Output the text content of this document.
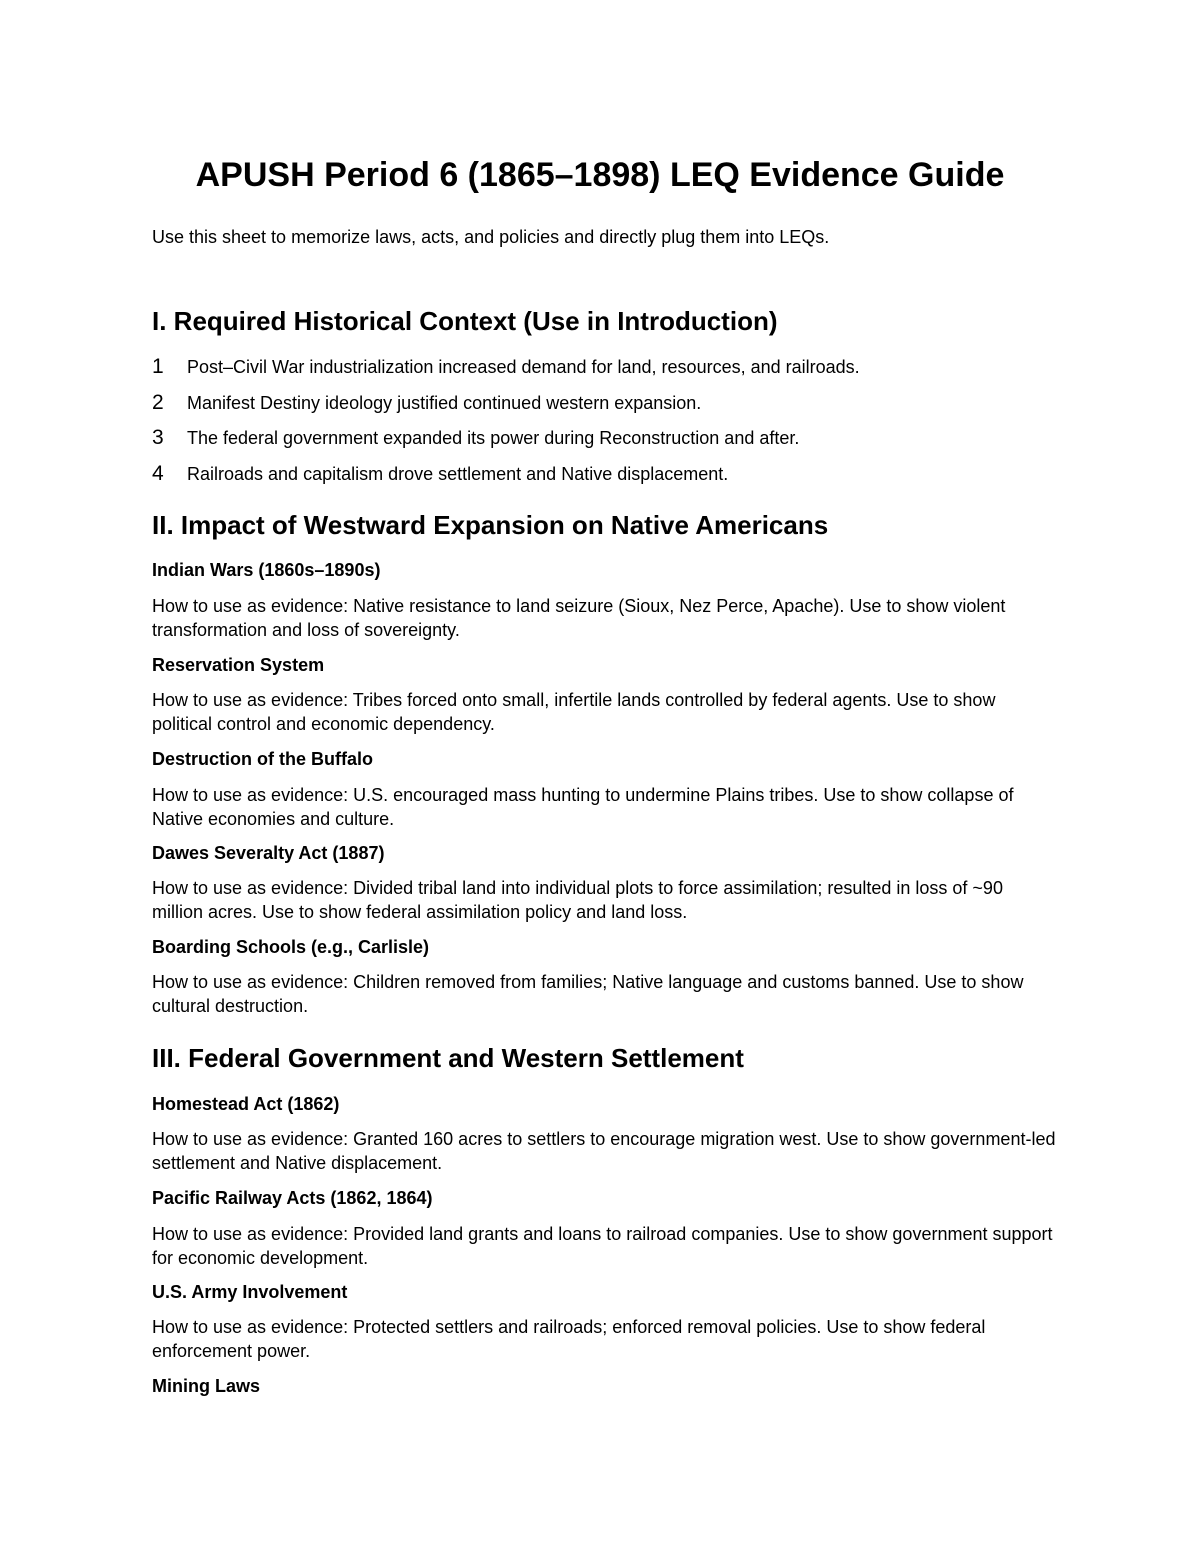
APUSH Period 6 (1865–1898) LEQ Evidence Guide

Use this sheet to memorize laws, acts, and policies and directly plug them into LEQs.

I. Required Historical Context (Use in Introduction)
1	Post–Civil War industrialization increased demand for land, resources, and railroads.
2	Manifest Destiny ideology justified continued western expansion.
3	The federal government expanded its power during Reconstruction and after.
4	Railroads and capitalism drove settlement and Native displacement.
II. Impact of Westward Expansion on Native Americans
Indian Wars (1860s–1890s)

How to use as evidence: Native resistance to land seizure (Sioux, Nez Perce, Apache). Use to show violent transformation and loss of sovereignty.

Reservation System

How to use as evidence: Tribes forced onto small, infertile lands controlled by federal agents. Use to show political control and economic dependency.

Destruction of the Buffalo

How to use as evidence: U.S. encouraged mass hunting to undermine Plains tribes. Use to show collapse of Native economies and culture.

Dawes Severalty Act (1887)

How to use as evidence: Divided tribal land into individual plots to force assimilation; resulted in loss of ~90 million acres. Use to show federal assimilation policy and land loss.

Boarding Schools (e.g., Carlisle)

How to use as evidence: Children removed from families; Native language and customs banned. Use to show cultural destruction.

III. Federal Government and Western Settlement
Homestead Act (1862)

How to use as evidence: Granted 160 acres to settlers to encourage migration west. Use to show government-led settlement and Native displacement.

Pacific Railway Acts (1862, 1864)

How to use as evidence: Provided land grants and loans to railroad companies. Use to show government support for economic development.

U.S. Army Involvement

How to use as evidence: Protected settlers and railroads; enforced removal policies. Use to show federal enforcement power.

Mining Laws
